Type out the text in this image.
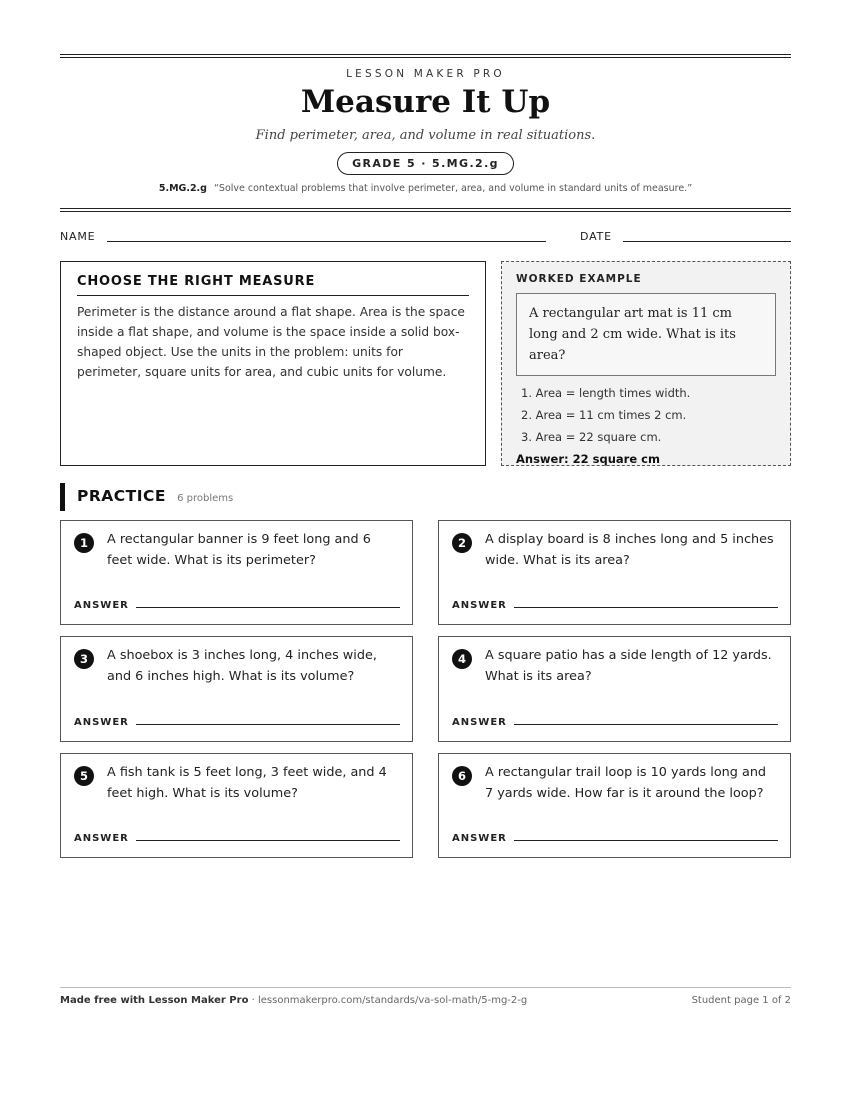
LESSON MAKER PRO
Measure It Up
Find perimeter, area, and volume in real situations.
GRADE 5 · 5.MG.2.g
5.MG.2.g “Solve contextual problems that involve perimeter, area, and volume in standard units of measure.”
NAME	DATE
CHOOSE THE RIGHT MEASURE

Perimeter is the distance around a flat shape. Area is the space inside a flat shape, and volume is the space inside a solid box-shaped object. Use the units in the problem: units for perimeter, square units for area, and cubic units for volume.

WORKED EXAMPLE
A rectangular art mat is 11 cm long and 2 cm wide. What is its area?
1. Area = length times width.
2. Area = 11 cm times 2 cm.
3. Area = 22 square cm.
Answer: 22 square cm
PRACTICE 6 problems
1	A rectangular banner is 9 feet long and 6 feet wide. What is its perimeter?
ANSWER
2	A display board is 8 inches long and 5 inches wide. What is its area?
ANSWER
3	A shoebox is 3 inches long, 4 inches wide, and 6 inches high. What is its volume?
ANSWER
4	A square patio has a side length of 12 yards. What is its area?
ANSWER
5	A fish tank is 5 feet long, 3 feet wide, and 4 feet high. What is its volume?
ANSWER
6	A rectangular trail loop is 10 yards long and 7 yards wide. How far is it around the loop?
ANSWER
Made free with Lesson Maker Pro · lessonmakerpro.com/standards/va-sol-math/5-mg-2-g	Student page 1 of 2
